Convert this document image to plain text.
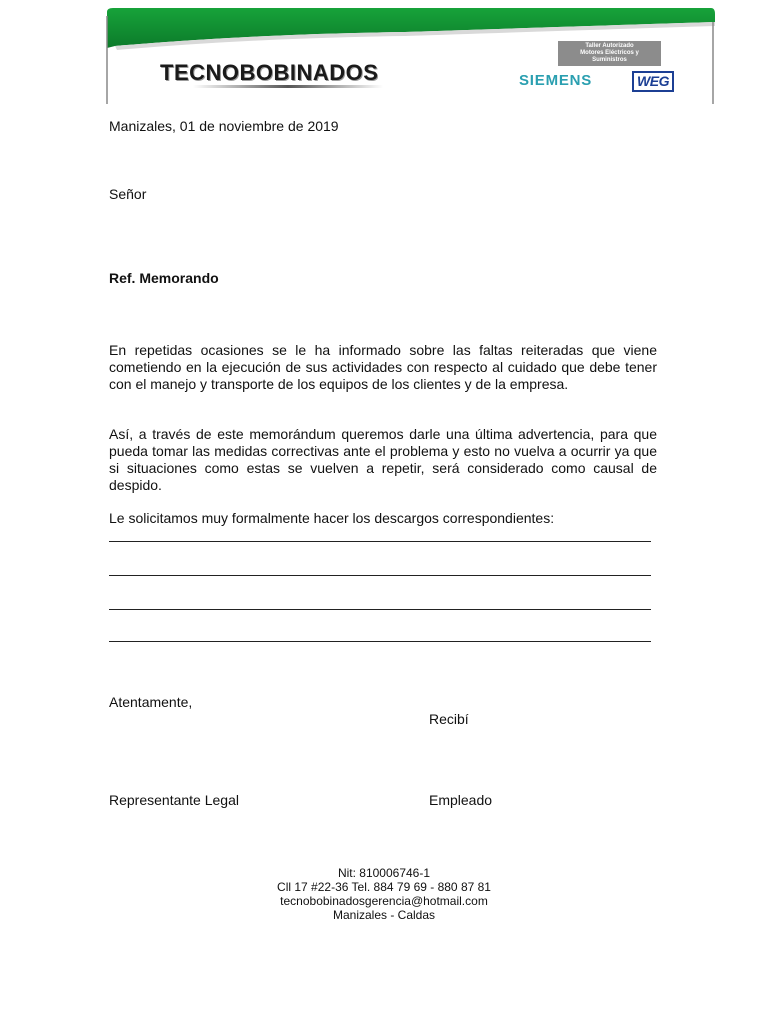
TECNOBOBINADOS
Taller Autorizado
Motores Eléctricos y
Suministros
SIEMENS	WEG
Manizales, 01 de noviembre de 2019
Señor
Ref. Memorando
En repetidas ocasiones se le ha informado sobre las faltas reiteradas que viene cometiendo en la ejecución de sus actividades con respecto al cuidado que debe tener con el manejo y transporte de los equipos de los clientes y de la empresa.
Así, a través de este memorándum queremos darle una última advertencia, para que pueda tomar las medidas correctivas ante el problema y esto no vuelva a ocurrir ya que si situaciones como estas se vuelven a repetir, será considerado como causal de despido.
Le solicitamos muy formalmente hacer los descargos correspondientes:
Atentamente,
Recibí
Representante Legal	Empleado
Nit: 810006746-1
Cll 17 #22-36 Tel. 884 79 69 - 880 87 81
tecnobobinadosgerencia@hotmail.com
Manizales - Caldas
